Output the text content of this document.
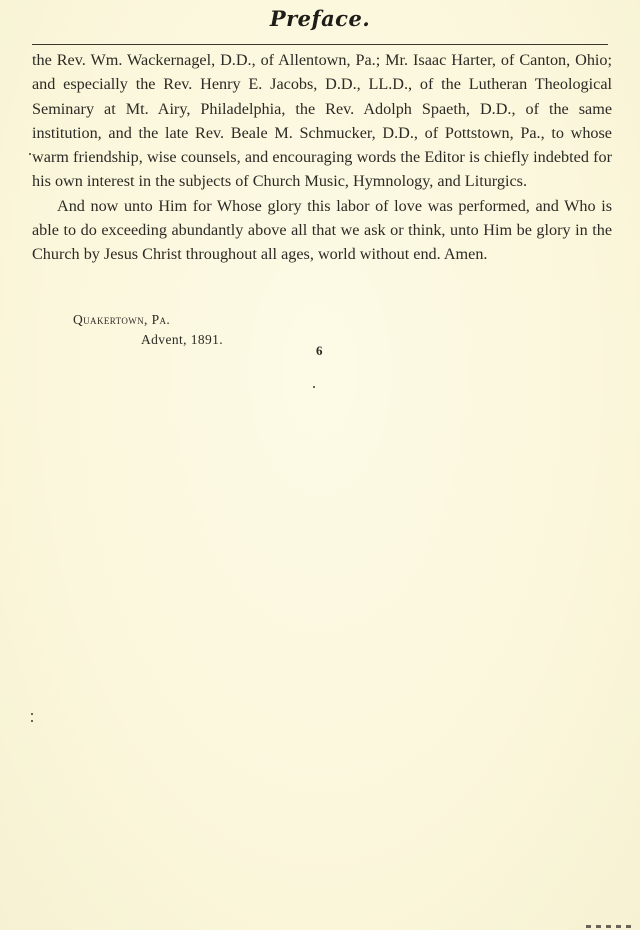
Preface.

the Rev. Wm. Wackernagel, D.D., of Allentown, Pa.; Mr. Isaac Harter, of Canton, Ohio; and especially the Rev. Henry E. Jacobs, D.D., LL.D., of the Lutheran Theological Seminary at Mt. Airy, Philadelphia, the Rev. Adolph Spaeth, D.D., of the same institution, and the late Rev. Beale M. Schmucker, D.D., of Pottstown, Pa., to whose warm friendship, wise counsels, and encouraging words the Editor is chiefly indebted for his own interest in the subjects of Church Music, Hymnology, and Liturgics.

And now unto Him for Whose glory this labor of love was performed, and Who is able to do exceeding abundantly above all that we ask or think, unto Him be glory in the Church by Jesus Christ throughout all ages, world without end. Amen.

Quakertown, Pa.
Advent, 1891.
6
